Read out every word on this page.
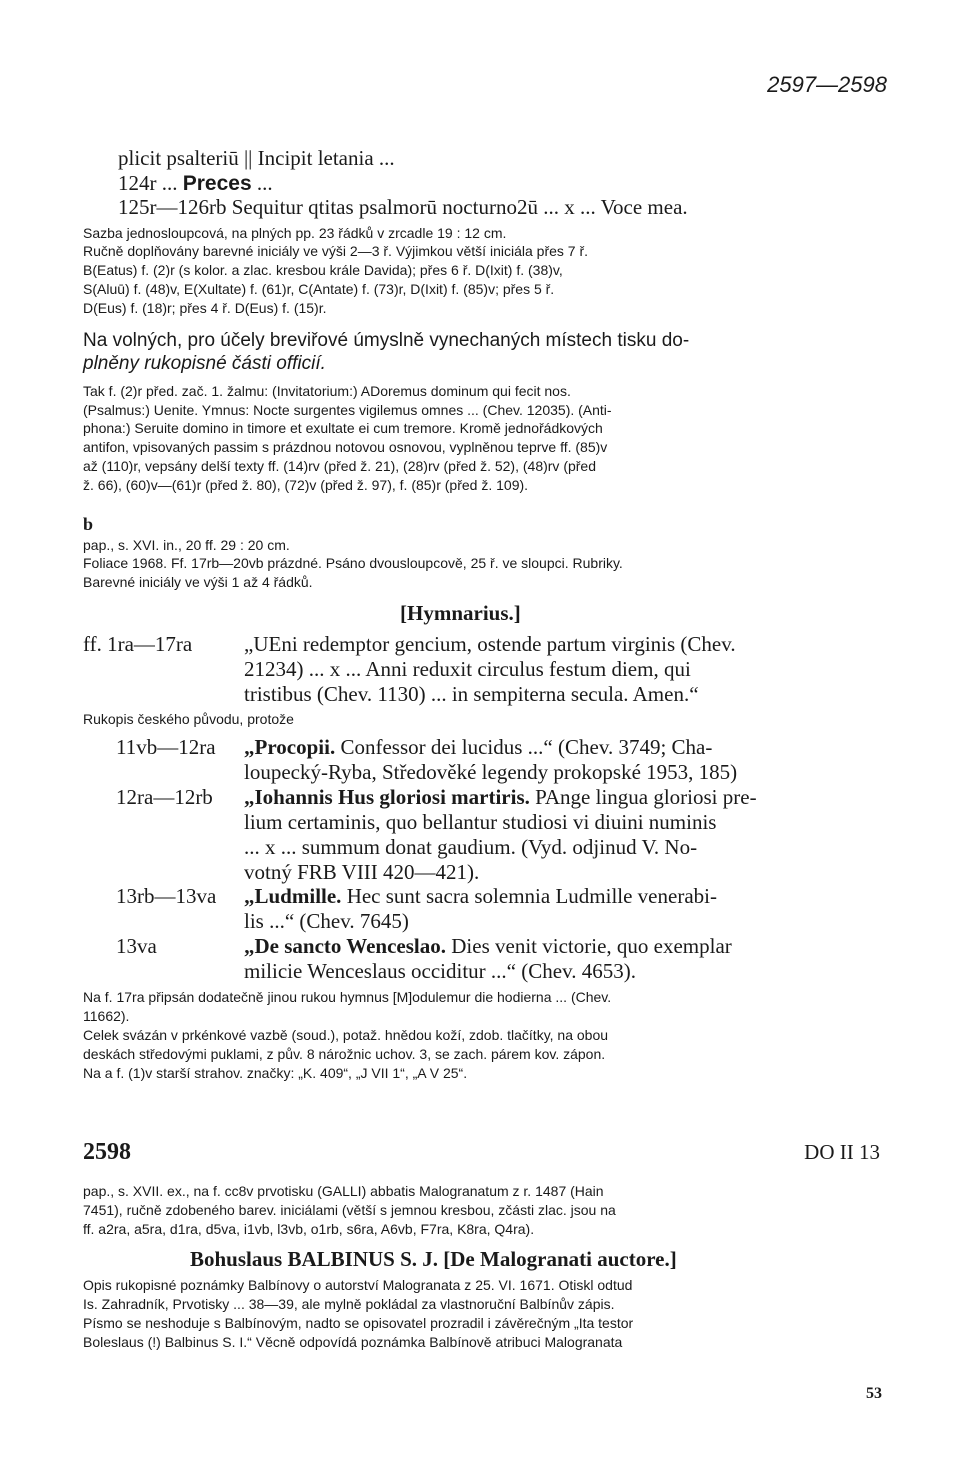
2597—2598
plicit psalteriū || Incipit letania ...
124r ... Preces ...
125r—126rb Sequitur qtitas psalmorū nocturno2ū ... x ... Voce mea.
Sazba jednosloupcová, na plných pp. 23 řádků v zrcadle 19 : 12 cm.
Ručně doplňovány barevné iniciály ve výši 2—3 ř. Výjimkou větší iniciála přes 7 ř.
B(Eatus) f. (2)r (s kolor. a zlac. kresbou krále Davida); přes 6 ř. D(Ixit) f. (38)v,
S(Aluū) f. (48)v, E(Xultate) f. (61)r, C(Antate) f. (73)r, D(Ixit) f. (85)v; přes 5 ř.
D(Eus) f. (18)r; přes 4 ř. D(Eus) f. (15)r.
Na volných, pro účely breviřové úmyslně vynechaných místech tisku do-
plněny rukopisné části officií.
Tak f. (2)r před. zač. 1. žalmu: (Invitatorium:) ADoremus dominum qui fecit nos.
(Psalmus:) Uenite. Ymnus: Nocte surgentes vigilemus omnes ... (Chev. 12035). (Anti-
phona:) Seruite domino in timore et exultate ei cum tremore. Kromě jednořádkových
antifon, vpisovaných passim s prázdnou notovou osnovou, vyplněnou teprve ff. (85)v
až (110)r, vepsány delší texty ff. (14)rv (před ž. 21), (28)rv (před ž. 52), (48)rv (před
ž. 66), (60)v—(61)r (před ž. 80), (72)v (před ž. 97), f. (85)r (před ž. 109).
b
pap., s. XVI. in., 20 ff. 29 : 20 cm.
Foliace 1968. Ff. 17rb—20vb prázdné. Psáno dvousloupcově, 25 ř. ve sloupci. Rubriky.
Barevné iniciály ve výši 1 až 4 řádků.
[Hymnarius.]
ff. 1ra—17ra „UEni redemptor gencium, ostende partum virginis (Chev.
21234) ... x ... Anni reduxit circulus festum diem, qui
tristibus (Chev. 1130) ... in sempiterna secula. Amen.“
Rukopis českého původu, protože
11vb—12ra „Procopii. Confessor dei lucidus ...“ (Chev. 3749; Cha-
loupecký-Ryba, Středověké legendy prokopské 1953, 185)
12ra—12rb „Iohannis Hus gloriosi martiris. PAnge lingua gloriosi pre-
lium certaminis, quo bellantur studiosi vi diuini numinis
... x ... summum donat gaudium. (Vyd. odjinud V. No-
votný FRB VIII 420—421).
13rb—13va „Ludmille. Hec sunt sacra solemnia Ludmille venerabi-
lis ...“ (Chev. 7645)
13va	„De sancto Wenceslao. Dies venit victorie, quo exemplar
milicie Wenceslaus occiditur ...“ (Chev. 4653).
Na f. 17ra připsán dodatečně jinou rukou hymnus [M]odulemur die hodierna ... (Chev.
11662).
Celek svázán v prkénkové vazbě (soud.), potaž. hnědou koží, zdob. tlačítky, na obou
deskách středovými puklami, z pův. 8 nárožnic uchov. 3, se zach. párem kov. zápon.
Na a f. (1)v starší strahov. značky: „K. 409“, „J VII 1“, „A V 25“.
2598	DO II 13
pap., s. XVII. ex., na f. cc8v prvotisku (GALLI) abbatis Malogranatum z r. 1487 (Hain
7451), ručně zdobeného barev. iniciálami (větší s jemnou kresbou, zčásti zlac. jsou na
ff. a2ra, a5ra, d1ra, d5va, i1vb, l3vb, o1rb, s6ra, A6vb, F7ra, K8ra, Q4ra).
Bohuslaus BALBINUS S. J. [De Malogranati auctore.]
Opis rukopisné poznámky Balbínovy o autorství Malogranata z 25. VI. 1671. Otiskl odtud
Is. Zahradník, Prvotisky ... 38—39, ale mylně pokládal za vlastnoruční Balbínův zápis.
Písmo se neshoduje s Balbínovým, nadto se opisovatel prozradil i závěrečným „Ita testor
Boleslaus (!) Balbinus S. I.“ Věcně odpovídá poznámka Balbínově atribuci Malogranata
53
